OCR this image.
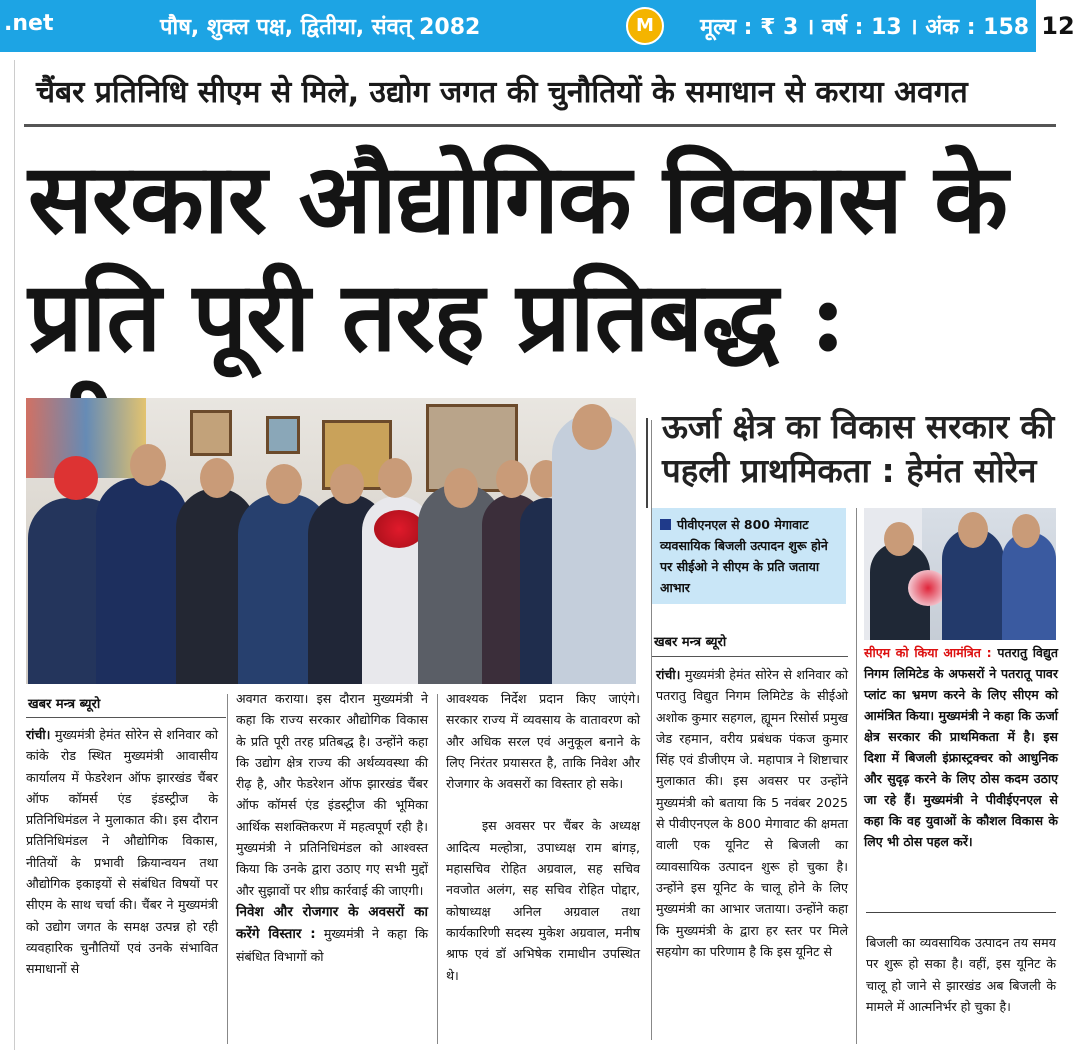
.net	पौष, शुक्ल पक्ष, द्वितीया, संवत् 2082	M	मूल्य : ₹ 3 । वर्ष : 13 । अंक : 158 12
चैंबर प्रतिनिधि सीएम से मिले, उद्योग जगत की चुनौतियों के समाधान से कराया अवगत
सरकार औद्योगिक विकास के
प्रति पूरी तरह प्रतिबद्ध :
ऊर्जा क्षेत्र का विकास सरकार की
पहली प्राथमिकता : हेमंत सोरेन
पीवीएनएल से 800 मेगावाट व्यवसायिक बिजली उत्पादन शुरू होने पर सीईओ ने सीएम के प्रति जताया आभार
सीएम को किया आमंत्रित : पतरातु विद्युत निगम लिमिटेड के अफसरों ने पतरातू पावर प्लांट का भ्रमण करने के लिए सीएम को आमंत्रित किया। मुख्यमंत्री ने कहा कि ऊर्जा क्षेत्र सरकार की प्राथमिकता में है। इस दिशा में बिजली इंफ्रास्ट्रक्चर को आधुनिक और सुदृढ़ करने के लिए ठोस कदम उठाए जा रहे हैं। मुख्यमंत्री ने पीवीईएनएल से कहा कि वह युवाओं के कौशल विकास के लिए भी ठोस पहल करें।
खबर मन्त्र ब्यूरो

रांची। मुख्यमंत्री हेमंत सोरेन से शनिवार को कांके रोड स्थित मुख्यमंत्री आवासीय कार्यालय में फेडरेशन ऑफ झारखंड चैंबर ऑफ कॉमर्स एंड इंडस्ट्रीज के प्रतिनिधिमंडल ने मुलाकात की। इस दौरान प्रतिनिधिमंडल ने औद्योगिक विकास, नीतियों के प्रभावी क्रियान्वयन तथा औद्योगिक इकाइयों से संबंधित विषयों पर सीएम के साथ चर्चा की। चैंबर ने मुख्यमंत्री को उद्योग जगत के समक्ष उत्पन्न हो रही व्यवहारिक चुनौतियों एवं उनके संभावित समाधानों से

अवगत कराया। इस दौरान मुख्यमंत्री ने कहा कि राज्य सरकार औद्योगिक विकास के प्रति पूरी तरह प्रतिबद्ध है। उन्होंने कहा कि उद्योग क्षेत्र राज्य की अर्थव्यवस्था की रीढ़ है, और फेडरेशन ऑफ झारखंड चैंबर ऑफ कॉमर्स एंड इंडस्ट्रीज की भूमिका आर्थिक सशक्तिकरण में महत्वपूर्ण रही है। मुख्यमंत्री ने प्रतिनिधिमंडल को आश्वस्त किया कि उनके द्वारा उठाए गए सभी मुद्दों और सुझावों पर शीघ्र कार्रवाई की जाएगी।

निवेश और रोजगार के अवसरों का करेंगे विस्तार : मुख्यमंत्री ने कहा कि संबंधित विभागों को

आवश्यक निर्देश प्रदान किए जाएंगे। सरकार राज्य में व्यवसाय के वातावरण को और अधिक सरल एवं अनुकूल बनाने के लिए निरंतर प्रयासरत है, ताकि निवेश और रोजगार के अवसरों का विस्तार हो सके।

इस अवसर पर चैंबर के अध्यक्ष आदित्य मल्होत्रा, उपाध्यक्ष राम बांगड़, महासचिव रोहित अग्रवाल, सह सचिव नवजोत अलंग, सह सचिव रोहित पोद्दार, कोषाध्यक्ष अनिल अग्रवाल तथा कार्यकारिणी सदस्य मुकेश अग्रवाल, मनीष श्राफ एवं डॉ अभिषेक रामाधीन उपस्थित थे।

खबर मन्त्र ब्यूरो

रांची। मुख्यमंत्री हेमंत सोरेन से शनिवार को पतरातु विद्युत निगम लिमिटेड के सीईओ अशोक कुमार सहगल, ह्यूमन रिसोर्स प्रमुख जेड रहमान, वरीय प्रबंधक पंकज कुमार सिंह एवं डीजीएम जे. महापात्र ने शिष्टाचार मुलाकात की। इस अवसर पर उन्होंने मुख्यमंत्री को बताया कि 5 नवंबर 2025 से पीवीएनएल के 800 मेगावाट की क्षमता वाली एक यूनिट से बिजली का व्यावसायिक उत्पादन शुरू हो चुका है। उन्होंने इस यूनिट के चालू होने के लिए मुख्यमंत्री का आभार जताया। उन्होंने कहा कि मुख्यमंत्री के द्वारा हर स्तर पर मिले सहयोग का परिणाम है कि इस यूनिट से

बिजली का व्यवसायिक उत्पादन तय समय पर शुरू हो सका है। वहीं, इस यूनिट के चालू हो जाने से झारखंड अब बिजली के मामले में आत्मनिर्भर हो चुका है।
